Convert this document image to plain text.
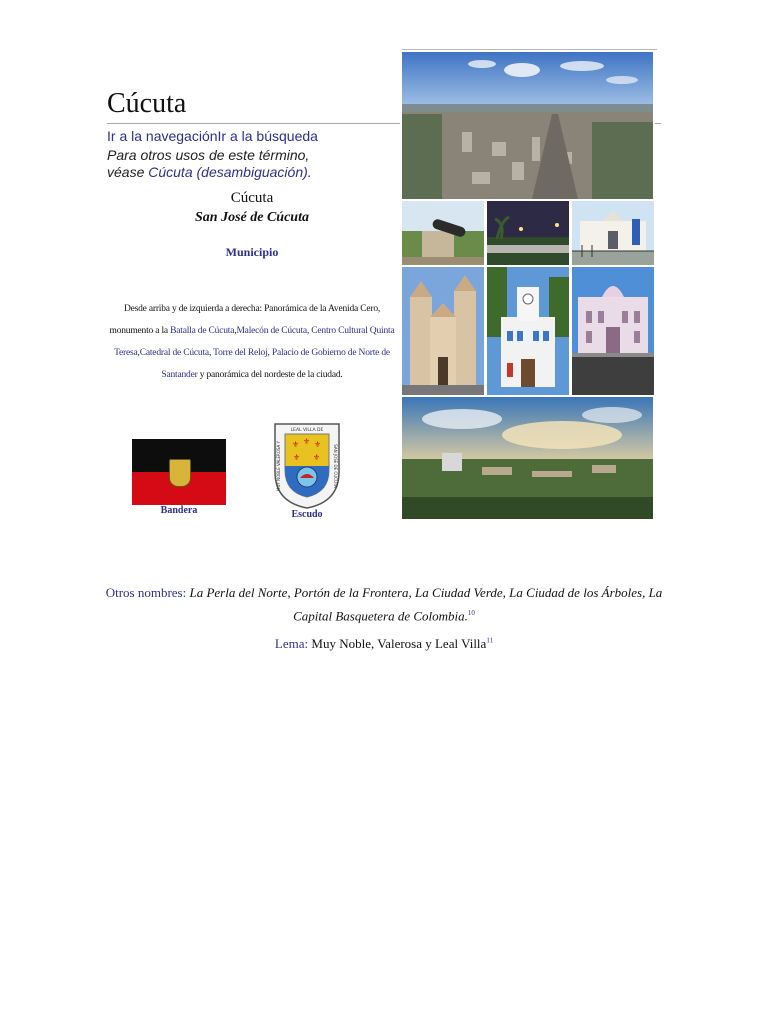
Cúcuta
Ir a la navegaciónIr a la búsqueda
Para otros usos de este término,
véase Cúcuta (desambiguación).
Cúcuta
San José de Cúcuta
Municipio
Desde arriba y de izquierda a derecha: Panorámica de la Avenida Cero, monumento a la Batalla de Cúcuta,Malecón de Cúcuta, Centro Cultural Quinta Teresa,Catedral de Cúcuta, Torre del Reloj, Palacio de Gobierno de Norte de Santander y panorámica del nordeste de la ciudad.
Bandera
⚜ ⚜ ⚜
⚜ ⚜
LEAL VILLA DE
MUY NOBLE VALEROSA Y	SAN JOSE DE CUCUTA
Escudo
Otros nombres: La Perla del Norte, Portón de la Frontera, La Ciudad Verde, La Ciudad de los Árboles, La Capital Basquetera de Colombia.$^{10}$
Lema: Muy Noble, Valerosa y Leal Villa$^{11}$
